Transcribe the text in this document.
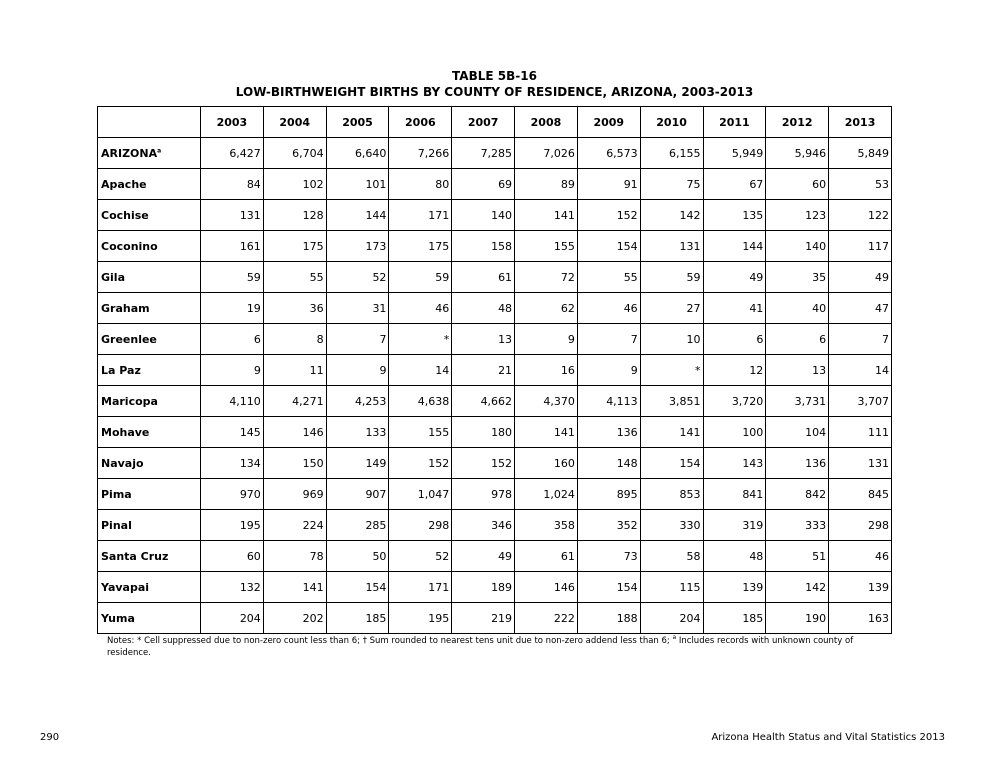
TABLE 5B-16
LOW-BIRTHWEIGHT BIRTHS BY COUNTY OF RESIDENCE, ARIZONA, 2003-2013
	2003	2004	2005	2006	2007	2008	2009	2010	2011	2012	2013
ARIZONA$^a$	6,427	6,704	6,640	7,266	7,285	7,026	6,573	6,155	5,949	5,946	5,849
Apache	84	102	101	80	69	89	91	75	67	60	53
Cochise	131	128	144	171	140	141	152	142	135	123	122
Coconino	161	175	173	175	158	155	154	131	144	140	117
Gila	59	55	52	59	61	72	55	59	49	35	49
Graham	19	36	31	46	48	62	46	27	41	40	47
Greenlee	6	8	7	*	13	9	7	10	6	6	7
La Paz	9	11	9	14	21	16	9	*	12	13	14
Maricopa	4,110	4,271	4,253	4,638	4,662	4,370	4,113	3,851	3,720	3,731	3,707
Mohave	145	146	133	155	180	141	136	141	100	104	111
Navajo	134	150	149	152	152	160	148	154	143	136	131
Pima	970	969	907	1,047	978	1,024	895	853	841	842	845
Pinal	195	224	285	298	346	358	352	330	319	333	298
Santa Cruz	60	78	50	52	49	61	73	58	48	51	46
Yavapai	132	141	154	171	189	146	154	115	139	142	139
Yuma	204	202	185	195	219	222	188	204	185	190	163
Notes: * Cell suppressed due to non-zero count less than 6; † Sum rounded to nearest tens unit due to non-zero addend less than 6; $^a$ Includes records with unknown county of residence.
290	Arizona Health Status and Vital Statistics 2013
